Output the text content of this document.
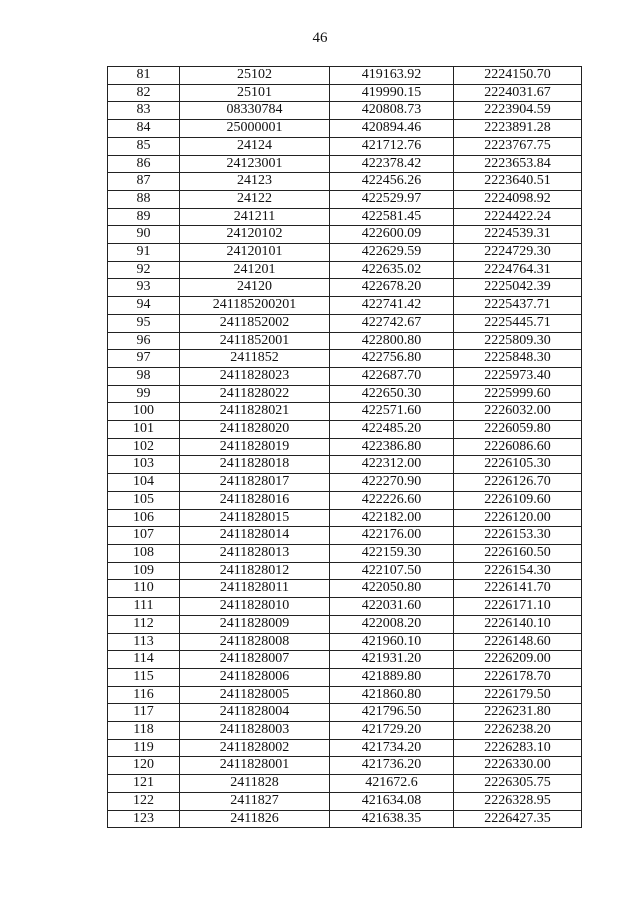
46
81	25102	419163.92	2224150.70
82	25101	419990.15	2224031.67
83	08330784	420808.73	2223904.59
84	25000001	420894.46	2223891.28
85	24124	421712.76	2223767.75
86	24123001	422378.42	2223653.84
87	24123	422456.26	2223640.51
88	24122	422529.97	2224098.92
89	241211	422581.45	2224422.24
90	24120102	422600.09	2224539.31
91	24120101	422629.59	2224729.30
92	241201	422635.02	2224764.31
93	24120	422678.20	2225042.39
94	241185200201	422741.42	2225437.71
95	2411852002	422742.67	2225445.71
96	2411852001	422800.80	2225809.30
97	2411852	422756.80	2225848.30
98	2411828023	422687.70	2225973.40
99	2411828022	422650.30	2225999.60
100	2411828021	422571.60	2226032.00
101	2411828020	422485.20	2226059.80
102	2411828019	422386.80	2226086.60
103	2411828018	422312.00	2226105.30
104	2411828017	422270.90	2226126.70
105	2411828016	422226.60	2226109.60
106	2411828015	422182.00	2226120.00
107	2411828014	422176.00	2226153.30
108	2411828013	422159.30	2226160.50
109	2411828012	422107.50	2226154.30
110	2411828011	422050.80	2226141.70
111	2411828010	422031.60	2226171.10
112	2411828009	422008.20	2226140.10
113	2411828008	421960.10	2226148.60
114	2411828007	421931.20	2226209.00
115	2411828006	421889.80	2226178.70
116	2411828005	421860.80	2226179.50
117	2411828004	421796.50	2226231.80
118	2411828003	421729.20	2226238.20
119	2411828002	421734.20	2226283.10
120	2411828001	421736.20	2226330.00
121	2411828	421672.6	2226305.75
122	2411827	421634.08	2226328.95
123	2411826	421638.35	2226427.35
